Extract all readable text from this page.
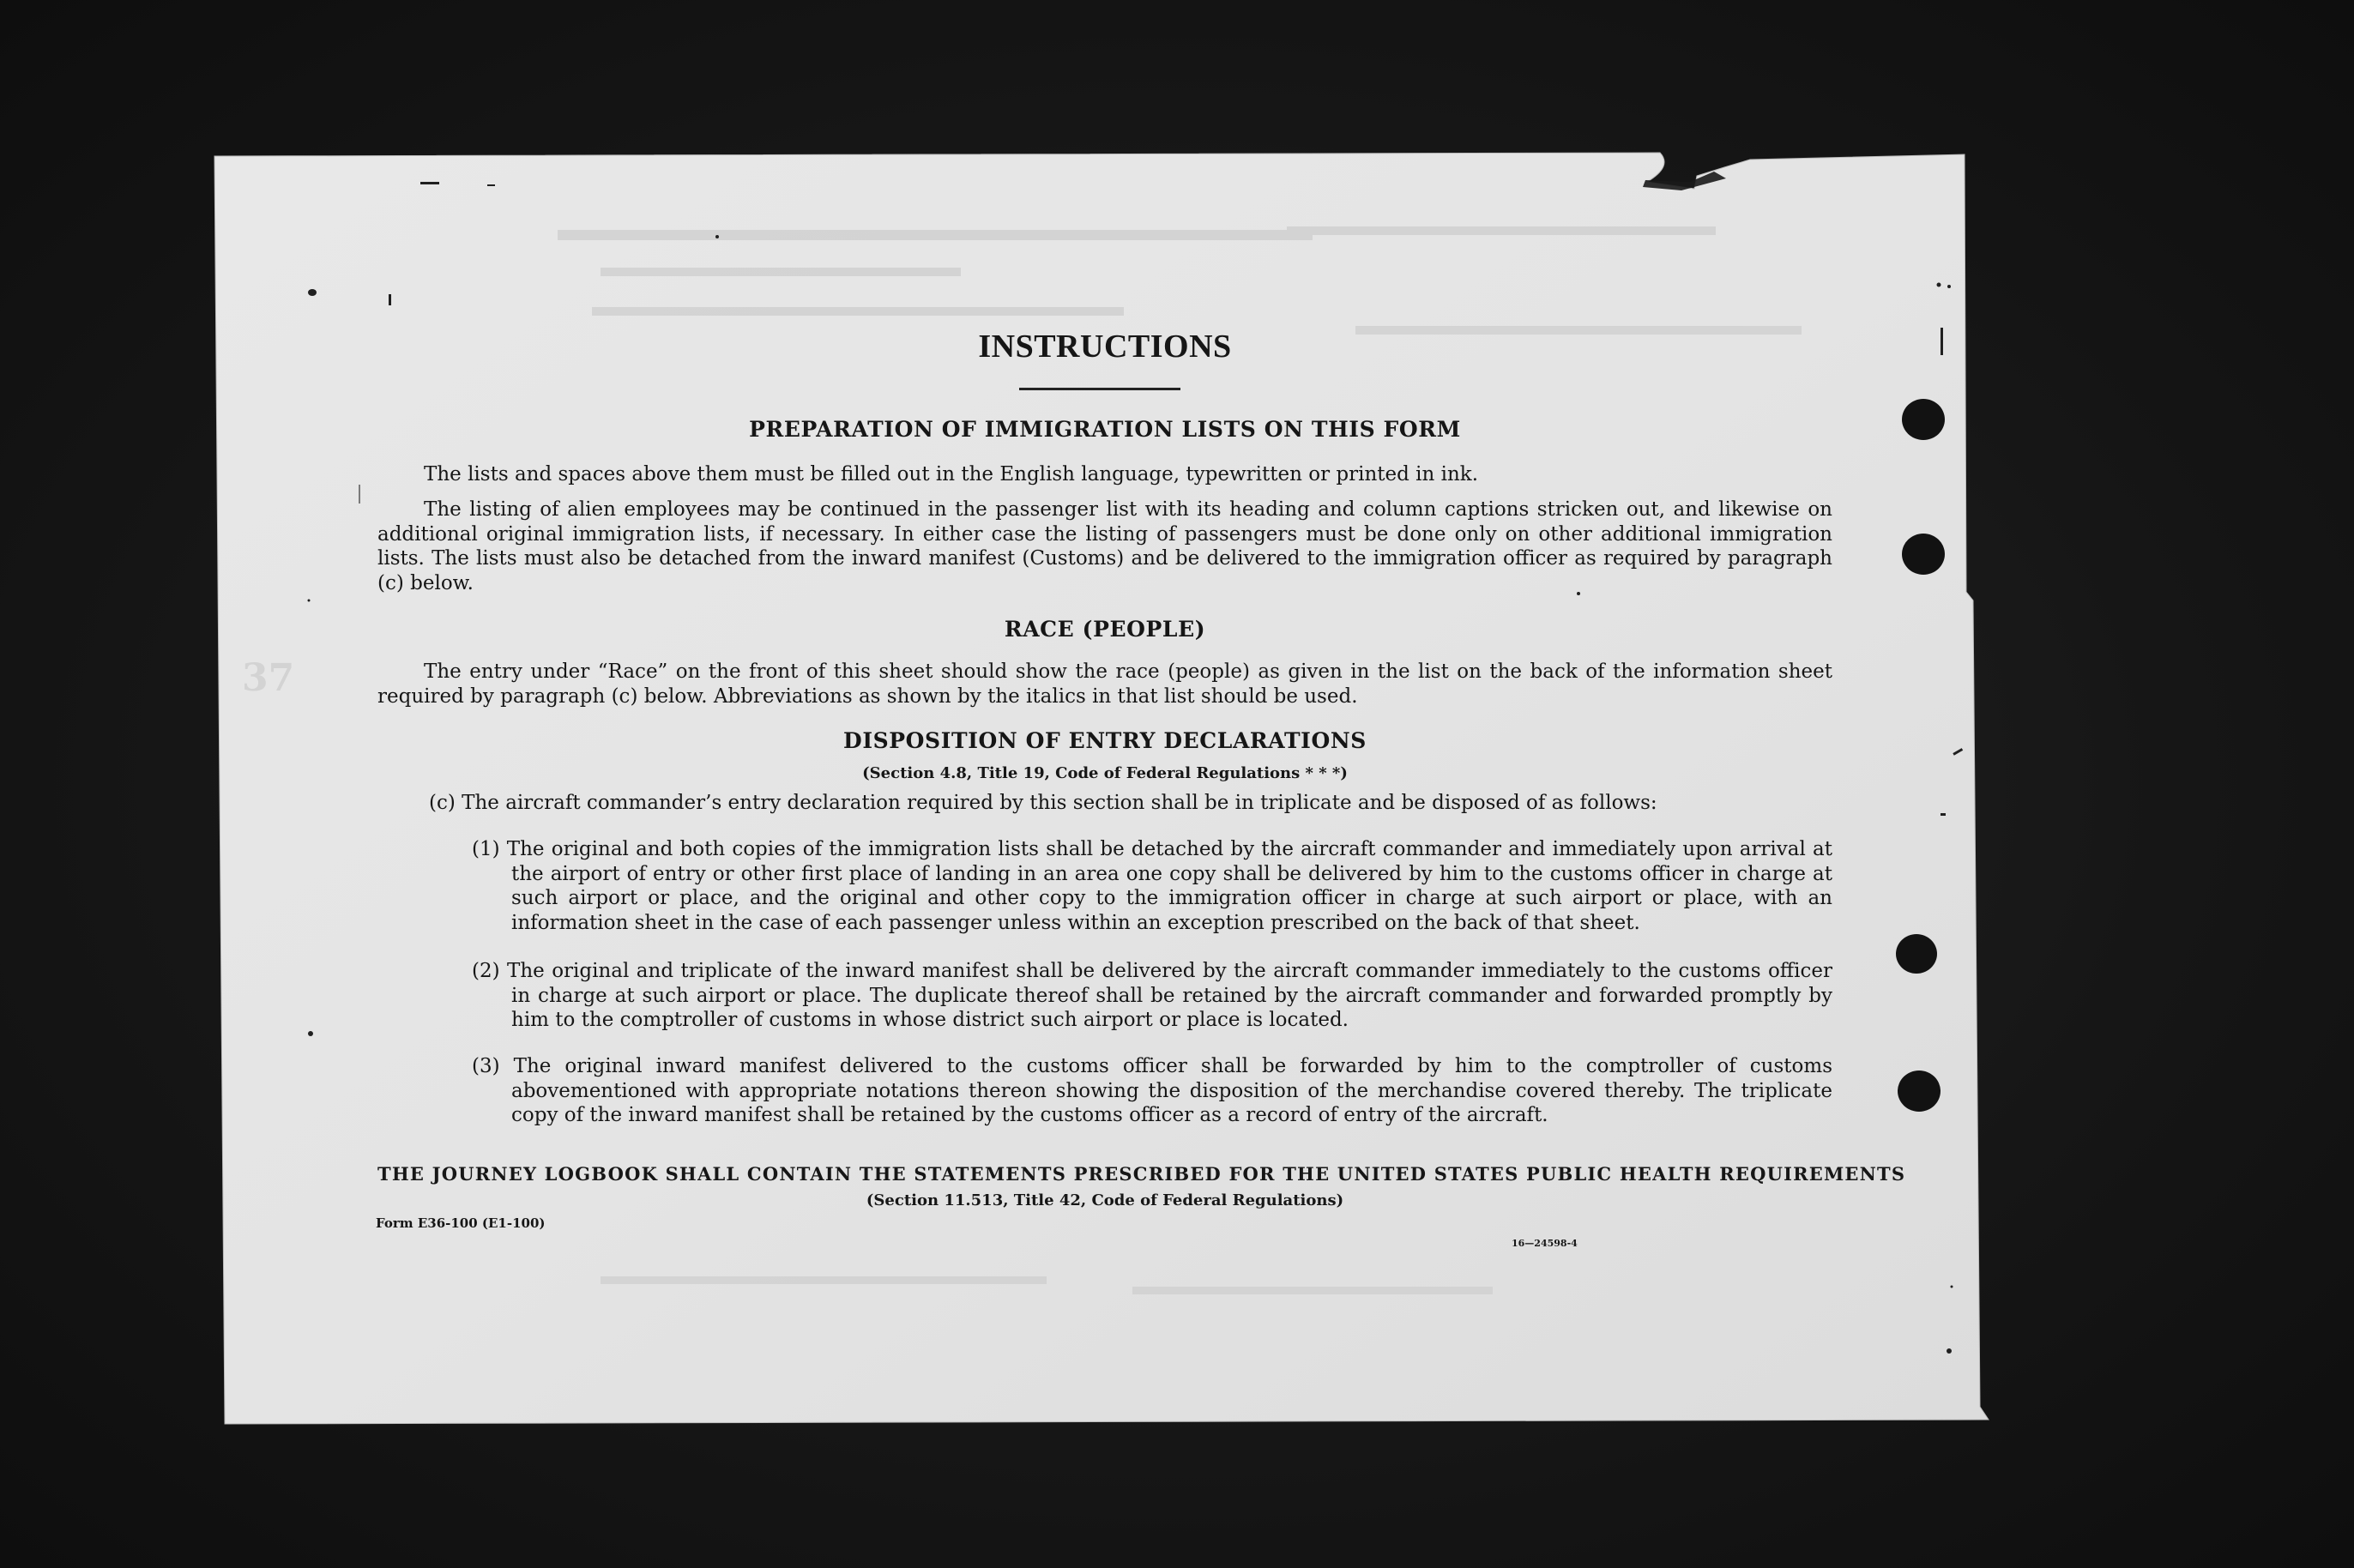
37
INSTRUCTIONS
PREPARATION OF IMMIGRATION LISTS ON THIS FORM
The lists and spaces above them must be filled out in the English language, typewritten or printed in ink.
The listing of alien employees may be continued in the passenger list with its heading and column captions stricken out, and likewise on additional original immigration lists, if necessary. In either case the listing of passengers must be done only on other additional immigration lists. The lists must also be detached from the inward manifest (Customs) and be delivered to the immigration officer as required by paragraph (c) below.
RACE (PEOPLE)
The entry under “Race” on the front of this sheet should show the race (people) as given in the list on the back of the information sheet required by paragraph (c) below. Abbreviations as shown by the italics in that list should be used.
DISPOSITION OF ENTRY DECLARATIONS
(Section 4.8, Title 19, Code of Federal Regulations * * *)
(c) The aircraft commander’s entry declaration required by this section shall be in triplicate and be disposed of as follows:
(1) The original and both copies of the immigration lists shall be detached by the aircraft commander and immediately upon arrival at the airport of entry or other first place of landing in an area one copy shall be delivered by him to the customs officer in charge at such airport or place, and the original and other copy to the immigration officer in charge at such airport or place, with an information sheet in the case of each passenger unless within an exception prescribed on the back of that sheet.
(2) The original and triplicate of the inward manifest shall be delivered by the aircraft commander immediately to the customs officer in charge at such airport or place. The duplicate thereof shall be retained by the aircraft commander and forwarded promptly by him to the comptroller of customs in whose district such airport or place is located.
(3) The original inward manifest delivered to the customs officer shall be forwarded by him to the comptroller of customs abovementioned with appropriate notations thereon showing the disposition of the merchandise covered thereby. The triplicate copy of the inward manifest shall be retained by the customs officer as a record of entry of the aircraft.
THE JOURNEY LOGBOOK SHALL CONTAIN THE STATEMENTS PRESCRIBED FOR THE UNITED STATES PUBLIC HEALTH REQUIREMENTS
(Section 11.513, Title 42, Code of Federal Regulations)
Form E36-100 (E1-100)
16—24598-4
